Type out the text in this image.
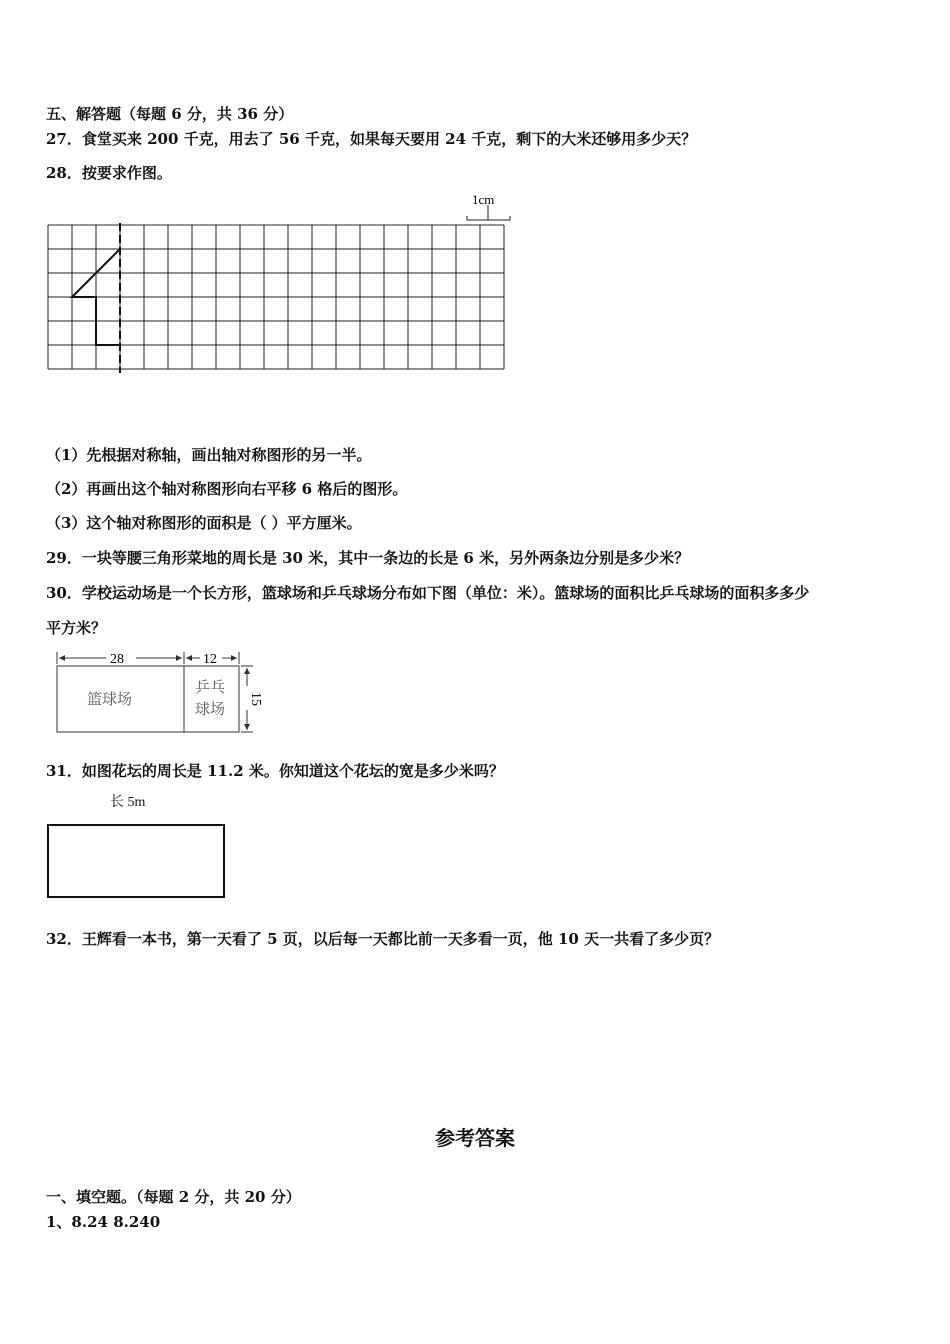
五、解答题（每题 6 分，共 36 分）
27．食堂买来 200 千克，用去了 56 千克，如果每天要用 24 千克，剩下的大米还够用多少天？
28．按要求作图。
1cm
（1）先根据对称轴，画出轴对称图形的另一半。
（2）再画出这个轴对称图形向右平移 6 格后的图形。
（3）这个轴对称图形的面积是（ ）平方厘米。
29．一块等腰三角形菜地的周长是 30 米，其中一条边的长是 6 米，另外两条边分别是多少米？
30．学校运动场是一个长方形，篮球场和乒乓球场分布如下图（单位：米）。篮球场的面积比乒乓球场的面积多多少
平方米？
28	12
15
篮球场
乒乓
球场
31．如图花坛的周长是 11.2 米。你知道这个花坛的宽是多少米吗？
长 5m
32．王辉看一本书，第一天看了 5 页，以后每一天都比前一天多看一页，他 10 天一共看了多少页？
参考答案
一、填空题。（每题 2 分，共 20 分）
1、8.24 8.240
